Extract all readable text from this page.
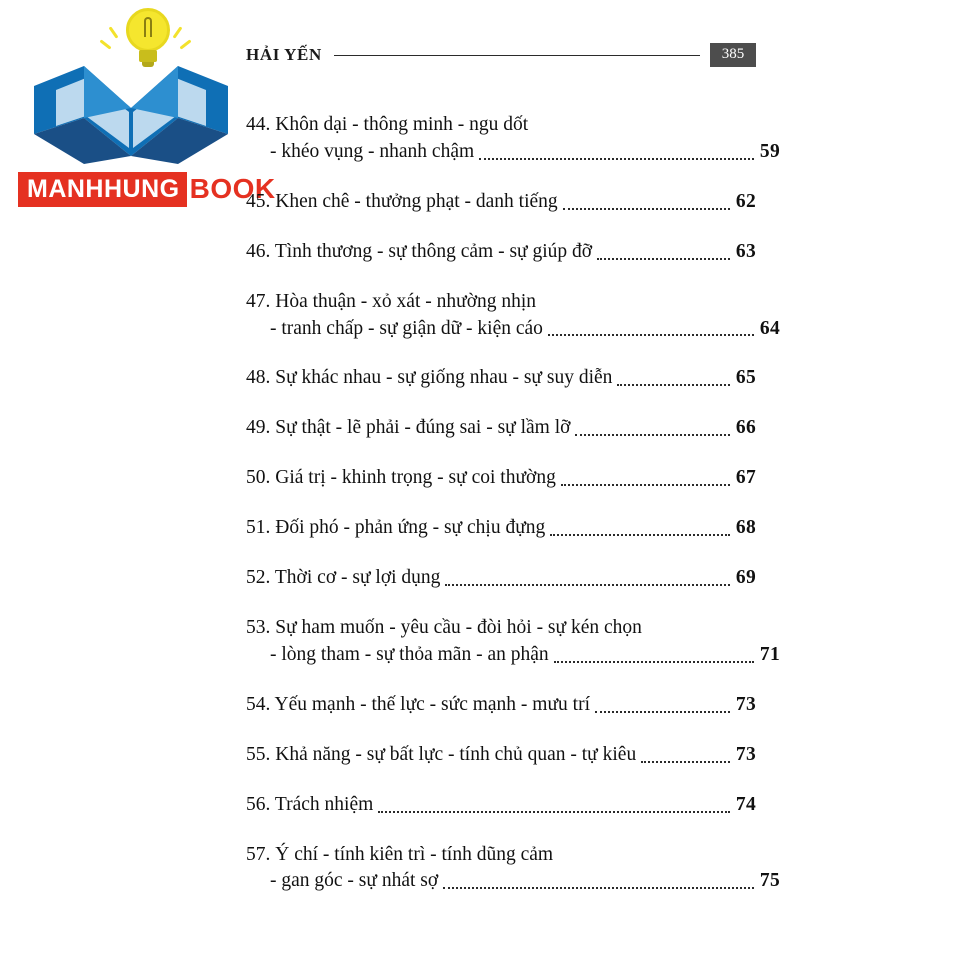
MANHHUNG BOOK
HẢI YẾN	385
44. Khôn dại - thông minh - ngu dốt
- khéo vụng - nhanh chậm	59
45. Khen chê - thưởng phạt - danh tiếng	62
46. Tình thương - sự thông cảm - sự giúp đỡ	63
47. Hòa thuận - xỏ xát - nhường nhịn
- tranh chấp - sự giận dữ - kiện cáo	64
48. Sự khác nhau - sự giống nhau - sự suy diễn	65
49. Sự thật - lẽ phải - đúng sai - sự lầm lỡ	66
50. Giá trị - khinh trọng - sự coi thường	67
51. Đối phó - phản ứng - sự chịu đựng	68
52. Thời cơ - sự lợi dụng	69
53. Sự ham muốn - yêu cầu - đòi hỏi - sự kén chọn
- lòng tham - sự thỏa mãn - an phận	71
54. Yếu mạnh - thế lực - sức mạnh - mưu trí	73
55. Khả năng - sự bất lực - tính chủ quan - tự kiêu	73
56. Trách nhiệm	74
57. Ý chí - tính kiên trì - tính dũng cảm
- gan góc - sự nhát sợ	75
